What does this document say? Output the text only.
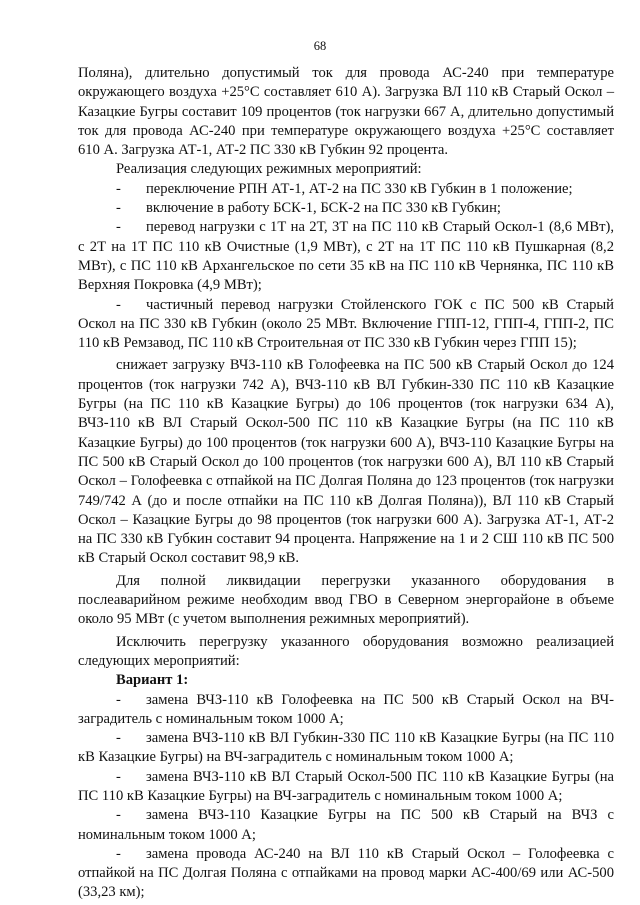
68

Поляна), длительно допустимый ток для провода АС-240 при температуре окружающего воздуха +25°С составляет 610 А). Загрузка ВЛ 110 кВ Старый Оскол – Казацкие Бугры составит 109 процентов (ток нагрузки 667 А, длительно допустимый ток для провода АС-240 при температуре окружающего воздуха +25°С составляет 610 А. Загрузка АТ-1, АТ-2 ПС 330 кВ Губкин 92 процента.

Реализация следующих режимных мероприятий:

- переключение РПН АТ-1, АТ-2 на ПС 330 кВ Губкин в 1 положение;

- включение в работу БСК-1, БСК-2 на ПС 330 кВ Губкин;

- перевод нагрузки с 1Т на 2Т, 3Т на ПС 110 кВ Старый Оскол-1 (8,6 МВт), с 2Т на 1Т ПС 110 кВ Очистные (1,9 МВт), с 2Т на 1Т ПС 110 кВ Пушкарная (8,2 МВт), с ПС 110 кВ Архангельское по сети 35 кВ на ПС 110 кВ Чернянка, ПС 110 кВ Верхняя Покровка (4,9 МВт);

- частичный перевод нагрузки Стойленского ГОК с ПС 500 кВ Старый Оскол на ПС 330 кВ Губкин (около 25 МВт. Включение ГПП-12, ГПП-4, ГПП-2, ПС 110 кВ Ремзавод, ПС 110 кВ Строительная от ПС 330 кВ Губкин через ГПП 15);

снижает загрузку ВЧЗ-110 кВ Голофеевка на ПС 500 кВ Старый Оскол до 124 процентов (ток нагрузки 742 А), ВЧЗ-110 кВ ВЛ Губкин-330 ПС 110 кВ Казацкие Бугры (на ПС 110 кВ Казацкие Бугры) до 106 процентов (ток нагрузки 634 А), ВЧЗ-110 кВ ВЛ Старый Оскол-500 ПС 110 кВ Казацкие Бугры (на ПС 110 кВ Казацкие Бугры) до 100 процентов (ток нагрузки 600 А), ВЧЗ-110 Казацкие Бугры на ПС 500 кВ Старый Оскол до 100 процентов (ток нагрузки 600 А), ВЛ 110 кВ Старый Оскол – Голофеевка с отпайкой на ПС Долгая Поляна до 123 процентов (ток нагрузки 749/742 А (до и после отпайки на ПС 110 кВ Долгая Поляна)), ВЛ 110 кВ Старый Оскол – Казацкие Бугры до 98 процентов (ток нагрузки 600 А). Загрузка АТ-1, АТ-2 на ПС 330 кВ Губкин составит 94 процента. Напряжение на 1 и 2 СШ 110 кВ ПС 500 кВ Старый Оскол составит 98,9 кВ.

Для полной ликвидации перегрузки указанного оборудования в послеаварийном режиме необходим ввод ГВО в Северном энергорайоне в объеме около 95 МВт (с учетом выполнения режимных мероприятий).

Исключить перегрузку указанного оборудования возможно реализацией следующих мероприятий:

Вариант 1:

- замена ВЧЗ-110 кВ Голофеевка на ПС 500 кВ Старый Оскол на ВЧ-заградитель с номинальным током 1000 А;

- замена ВЧЗ-110 кВ ВЛ Губкин-330 ПС 110 кВ Казацкие Бугры (на ПС 110 кВ Казацкие Бугры) на ВЧ-заградитель с номинальным током 1000 А;

- замена ВЧЗ-110 кВ ВЛ Старый Оскол-500 ПС 110 кВ Казацкие Бугры (на ПС 110 кВ Казацкие Бугры) на ВЧ-заградитель с номинальным током 1000 А;

- замена ВЧЗ-110 Казацкие Бугры на ПС 500 кВ Старый на ВЧЗ с номинальным током 1000 А;

- замена провода АС-240 на ВЛ 110 кВ Старый Оскол – Голофеевка с отпайкой на ПС Долгая Поляна с отпайками на провод марки АС-400/69 или АС-500 (33,23 км);
